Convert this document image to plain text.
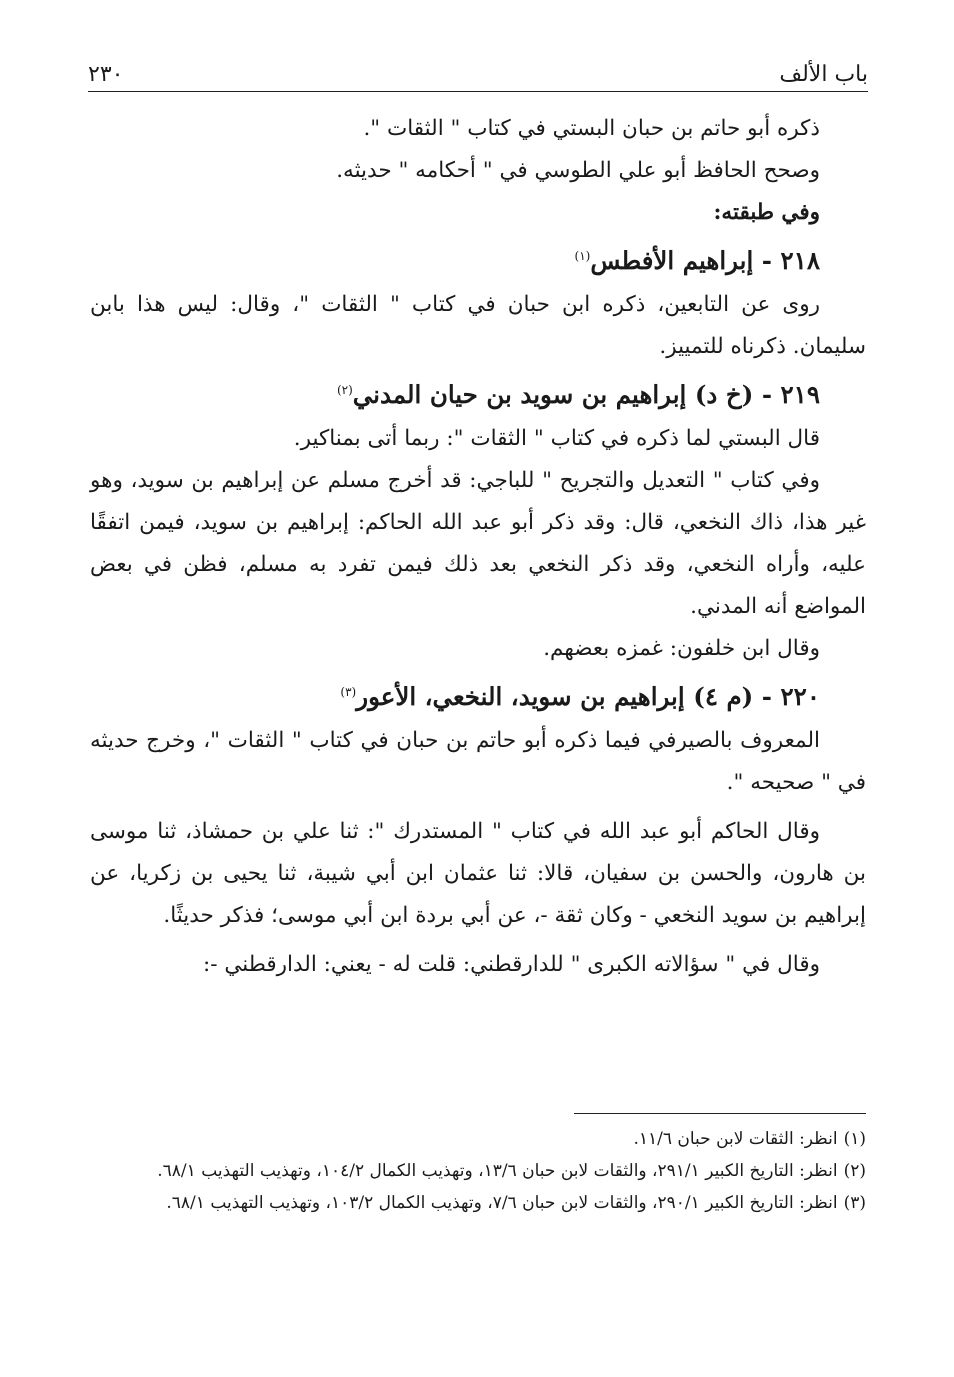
باب الألف
٢٣٠

ذكره أبو حاتم بن حبان البستي في كتاب " الثقات ".

وصحح الحافظ أبو علي الطوسي في " أحكامه " حديثه.

وفي طبقته:

٢١٨ - إبراهيم الأفطس$^{(١)}$

روى عن التابعين، ذكره ابن حبان في كتاب " الثقات "، وقال: ليس هذا بابن سليمان. ذكرناه للتمييز.

٢١٩ - (خ د) إبراهيم بن سويد بن حيان المدني$^{(٢)}$

قال البستي لما ذكره في كتاب " الثقات ": ربما أتى بمناكير.

وفي كتاب " التعديل والتجريح " للباجي: قد أخرج مسلم عن إبراهيم بن سويد، وهو غير هذا، ذاك النخعي، قال: وقد ذكر أبو عبد الله الحاكم: إبراهيم بن سويد، فيمن اتفقًا عليه، وأراه النخعي، وقد ذكر النخعي بعد ذلك فيمن تفرد به مسلم، فظن في بعض المواضع أنه المدني.

وقال ابن خلفون: غمزه بعضهم.

٢٢٠ - (م ٤) إبراهيم بن سويد، النخعي، الأعور$^{(٣)}$

المعروف بالصيرفي فيما ذكره أبو حاتم بن حبان في كتاب " الثقات "، وخرج حديثه في " صحيحه ".

وقال الحاكم أبو عبد الله في كتاب " المستدرك ": ثنا علي بن حمشاذ، ثنا موسى بن هارون، والحسن بن سفيان، قالا: ثنا عثمان ابن أبي شيبة، ثنا يحيى بن زكريا، عن إبراهيم بن سويد النخعي - وكان ثقة -، عن أبي بردة ابن أبي موسى؛ فذكر حديثًا.

وقال في " سؤالاته الكبرى " للدارقطني: قلت له - يعني: الدارقطني -:

(١)
انظر: الثقات لابن حبان ١١/٦.
(٢)
انظر: التاريخ الكبير ٢٩١/١، والثقات لابن حبان ١٣/٦، وتهذيب الكمال ١٠٤/٢، وتهذيب التهذيب ٦٨/١.
(٣)
انظر: التاريخ الكبير ٢٩٠/١، والثقات لابن حبان ٧/٦، وتهذيب الكمال ١٠٣/٢، وتهذيب التهذيب ٦٨/١.
